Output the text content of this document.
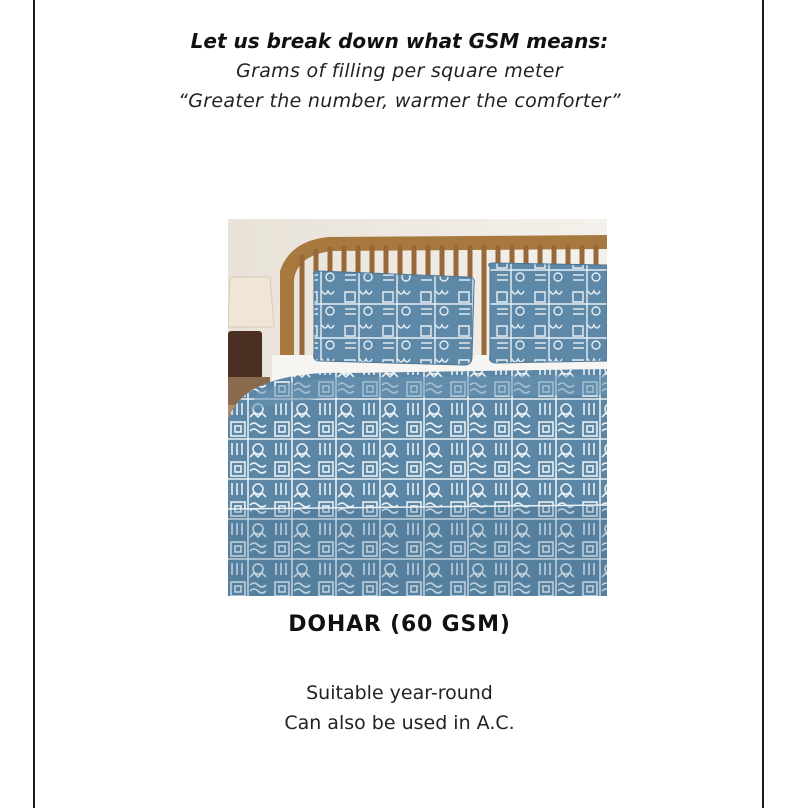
Let us break down what GSM means:
Grams of filling per square meter
“Greater the number, warmer the comforter”
DOHAR (60 GSM)
Suitable year-round
Can also be used in A.C.
